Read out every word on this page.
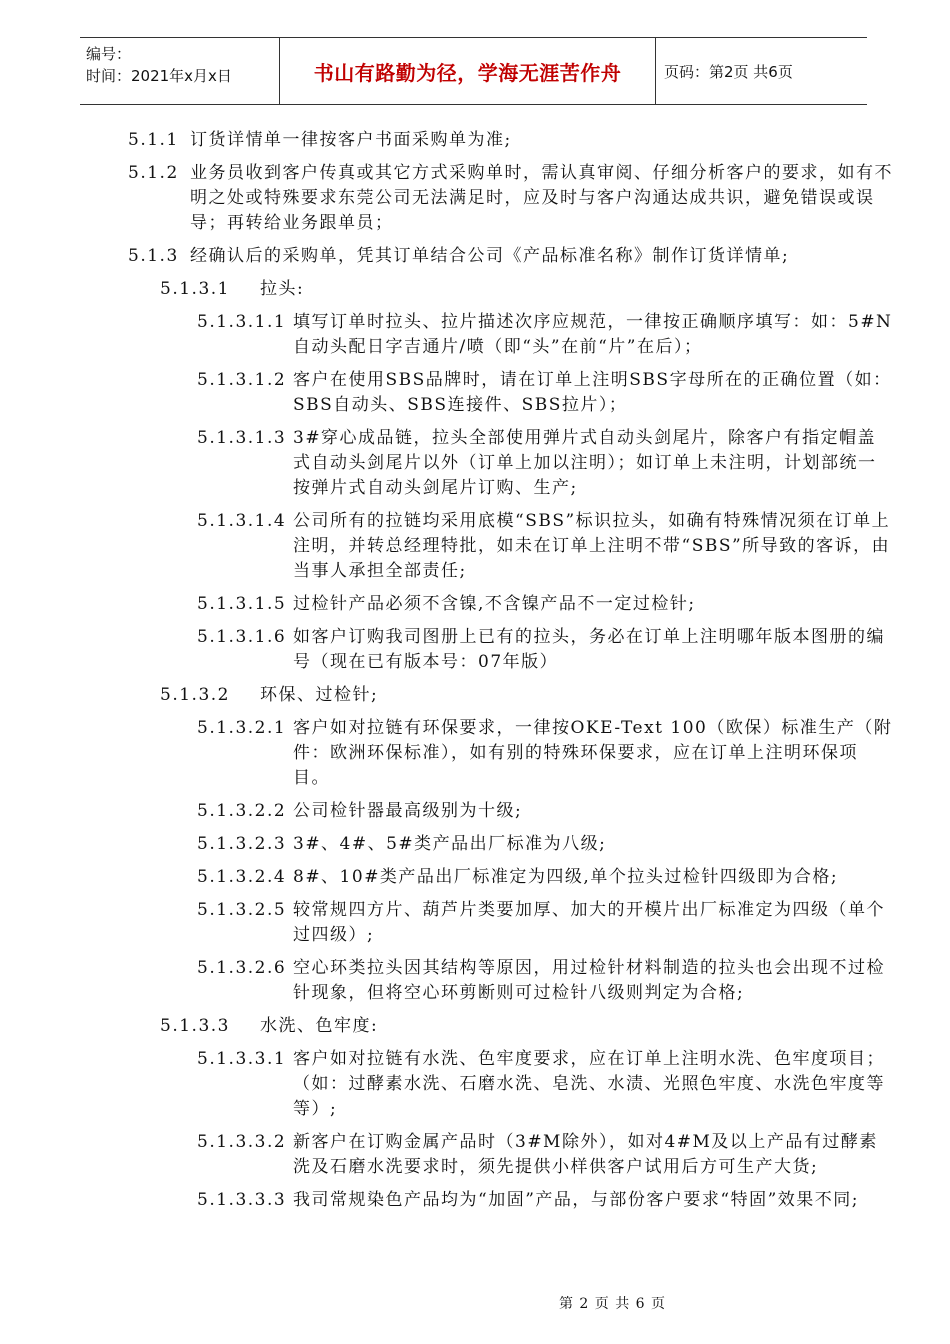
编号：
时间：2021年x月x日	书山有路勤为径，学海无涯苦作舟	页码：第2页 共6页
5.1.1 订货详情单一律按客户书面采购单为准;
5.1.2 业务员收到客户传真或其它方式采购单时，需认真审阅、仔细分析客户的要求，如有不明之处或特殊要求东莞公司无法满足时，应及时与客户沟通达成共识，避免错误或误导；再转给业务跟单员；
5.1.3 经确认后的采购单，凭其订单结合公司《产品标准名称》制作订货详情单;
5.1.3.1	拉头:
5.1.3.1.1 填写订单时拉头、拉片描述次序应规范，一律按正确顺序填写：如：5#N自动头配日字吉通片/喷（即“头”在前“片”在后）；
5.1.3.1.2 客户在使用SBS品牌时，请在订单上注明SBS字母所在的正确位置（如：SBS自动头、SBS连接件、SBS拉片）；
5.1.3.1.3 3#穿心成品链，拉头全部使用弹片式自动头剑尾片，除客户有指定帽盖式自动头剑尾片以外（订单上加以注明）；如订单上未注明，计划部统一按弹片式自动头剑尾片订购、生产;
5.1.3.1.4 公司所有的拉链均采用底模“SBS”标识拉头，如确有特殊情况须在订单上注明，并转总经理特批，如未在订单上注明不带“SBS”所导致的客诉，由当事人承担全部责任;
5.1.3.1.5 过检针产品必须不含镍,不含镍产品不一定过检针;
5.1.3.1.6 如客户订购我司图册上已有的拉头，务必在订单上注明哪年版本图册的编号（现在已有版本号：07年版）
5.1.3.2	环保、过检针;
5.1.3.2.1 客户如对拉链有环保要求，一律按OKE-Text 100（欧保）标准生产（附件：欧洲环保标准），如有别的特殊环保要求，应在订单上注明环保项目。
5.1.3.2.2 公司检针器最高级别为十级;
5.1.3.2.3 3#、4#、5#类产品出厂标准为八级;
5.1.3.2.4 8#、10#类产品出厂标准定为四级,单个拉头过检针四级即为合格;
5.1.3.2.5 较常规四方片、葫芦片类要加厚、加大的开模片出厂标准定为四级（单个过四级）;
5.1.3.2.6 空心环类拉头因其结构等原因，用过检针材料制造的拉头也会出现不过检针现象，但将空心环剪断则可过检针八级则判定为合格;
5.1.3.3	水洗、色牢度:
5.1.3.3.1 客户如对拉链有水洗、色牢度要求，应在订单上注明水洗、色牢度项目；（如：过酵素水洗、石磨水洗、皂洗、水渍、光照色牢度、水洗色牢度等等）;
5.1.3.3.2 新客户在订购金属产品时（3#M除外），如对4#M及以上产品有过酵素洗及石磨水洗要求时，须先提供小样供客户试用后方可生产大货;
5.1.3.3.3 我司常规染色产品均为“加固”产品，与部份客户要求“特固”效果不同;
第 2 页 共 6 页
